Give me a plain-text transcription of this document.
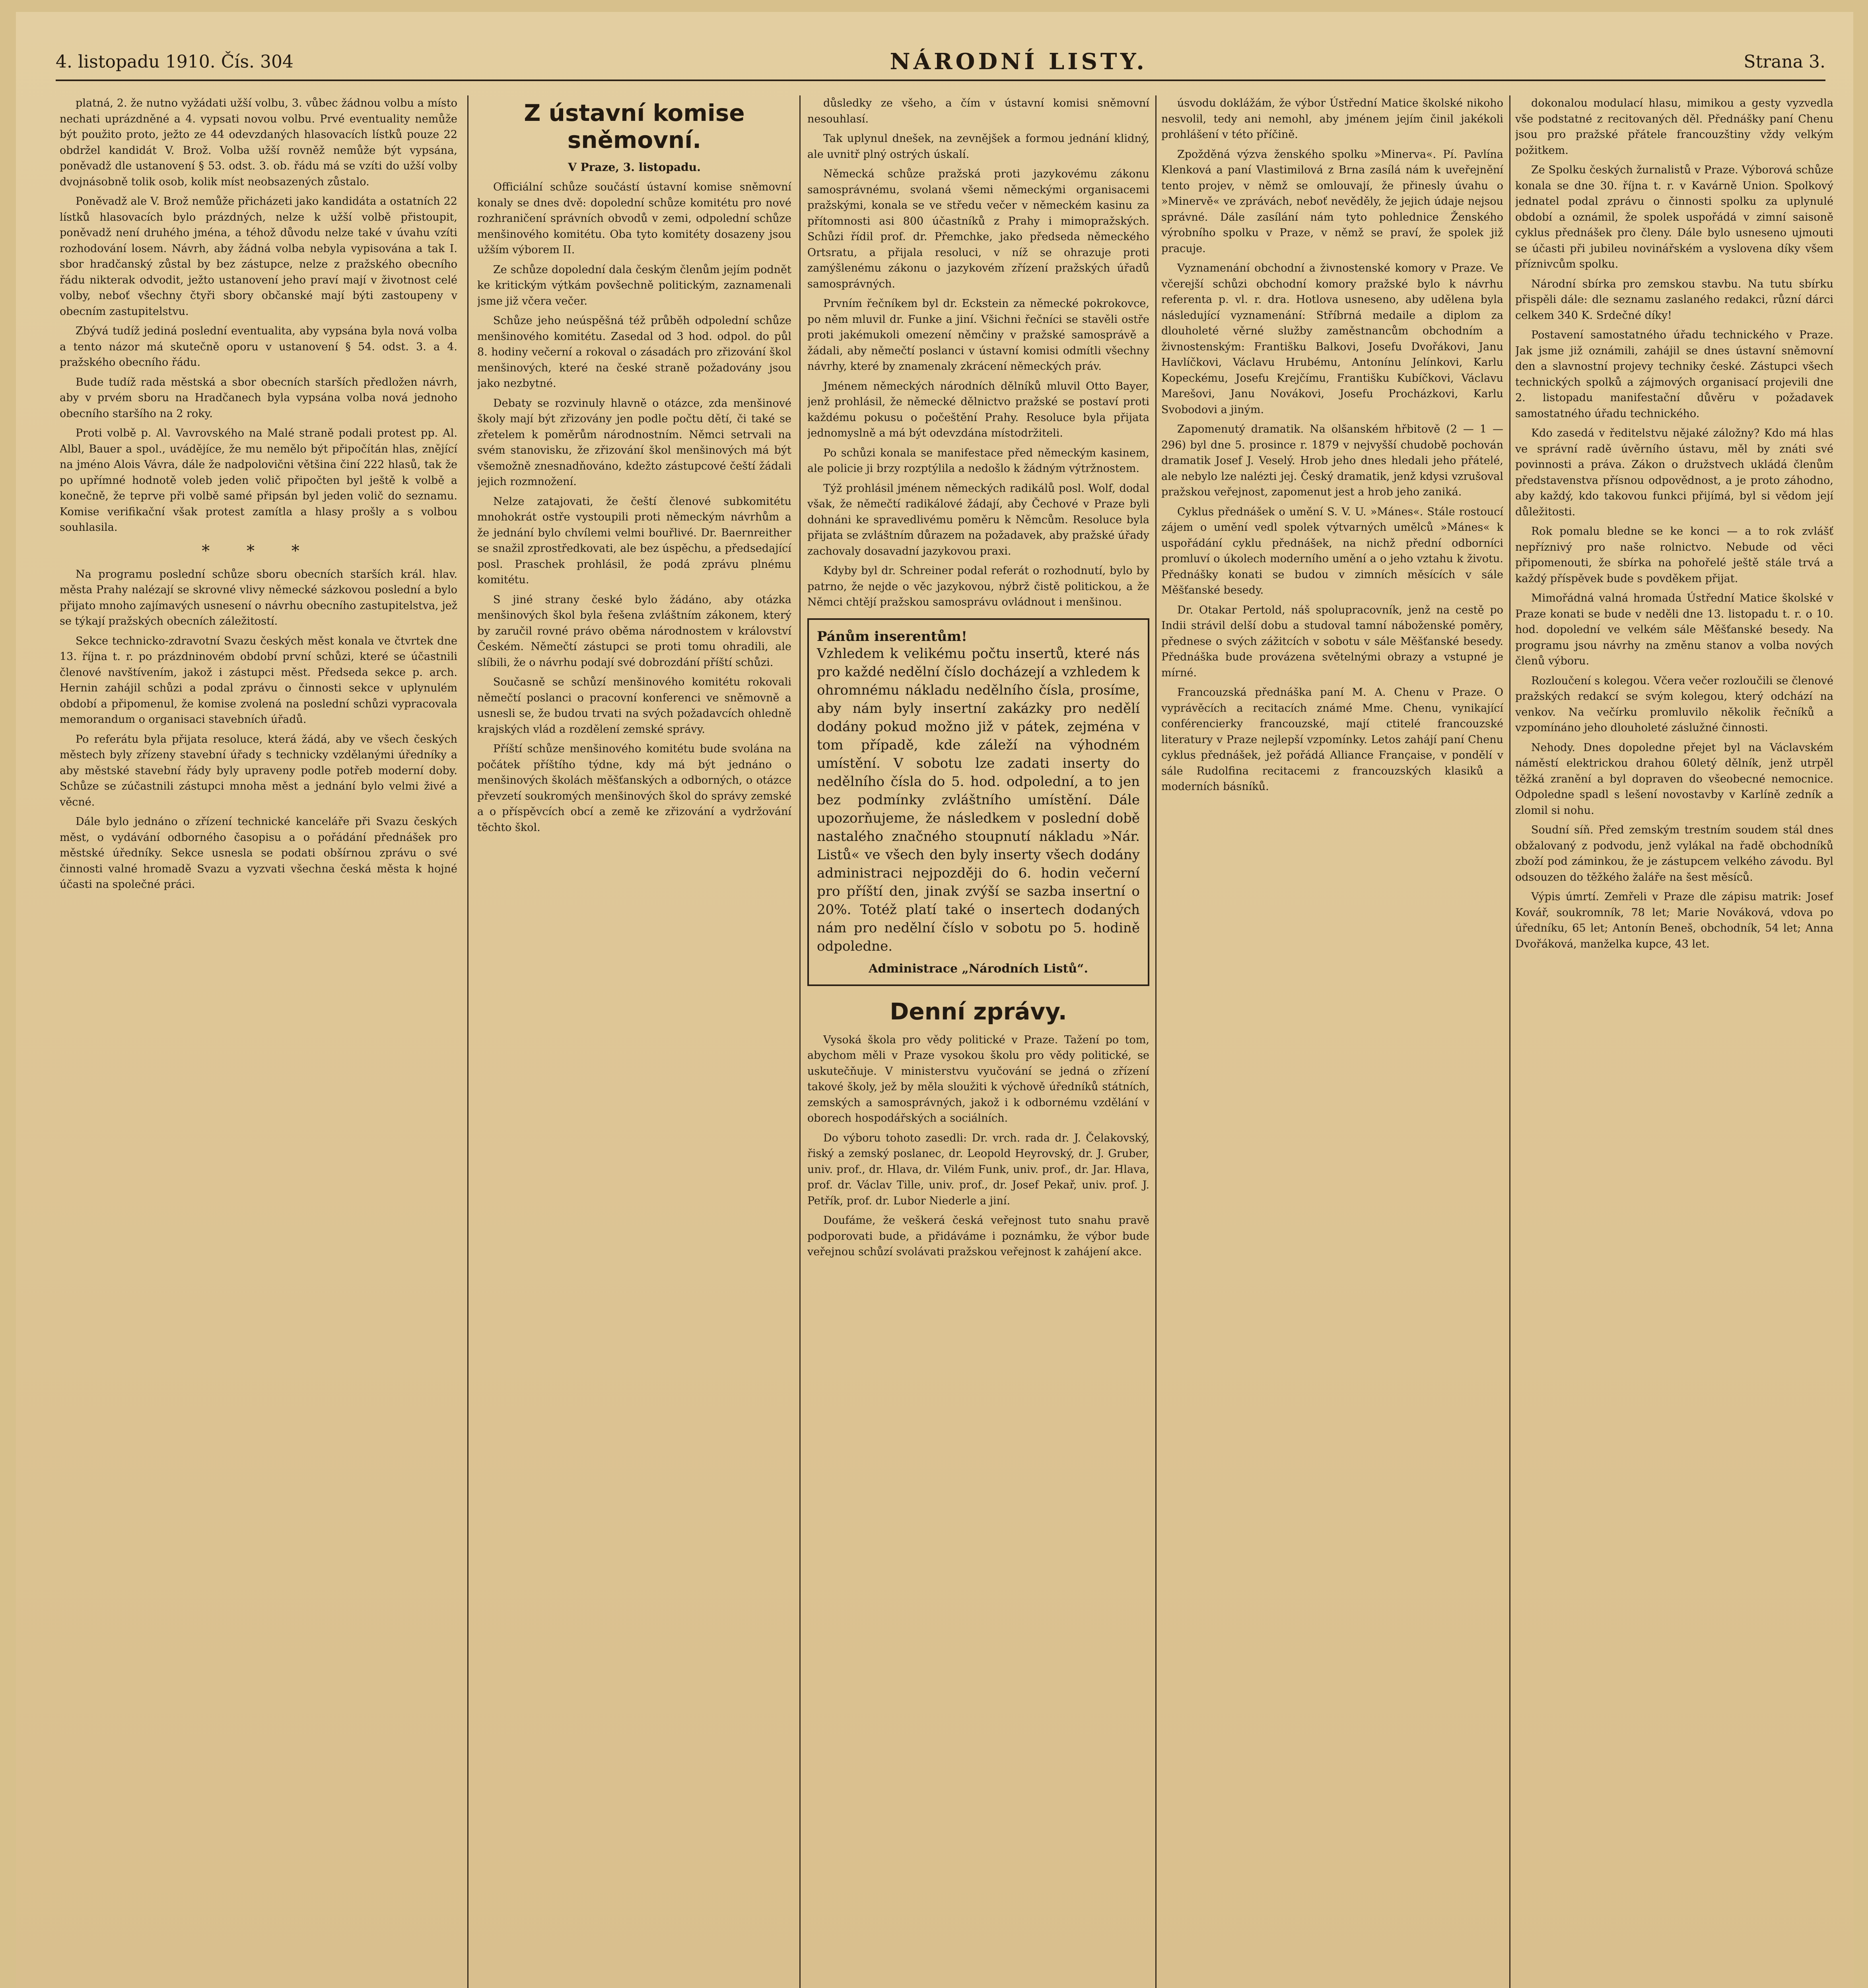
4. listopadu 1910. Čís. 304	NÁRODNÍ LISTY.	Strana 3.

platná, 2. že nutno vyžádati užší volbu, 3. vůbec žádnou volbu a místo nechati uprázdněné a 4. vypsati novou volbu. Prvé eventuality nemůže být použito proto, ježto ze 44 odevzdaných hlasovacích lístků pouze 22 obdržel kandidát V. Brož. Volba užší rovněž nemůže být vypsána, poněvadž dle ustanovení § 53. odst. 3. ob. řádu má se vzíti do užší volby dvojnásobně tolik osob, kolik míst neobsazených zůstalo.

Poněvadž ale V. Brož nemůže přicházeti jako kandidáta a ostatních 22 lístků hlasovacích bylo prázdných, nelze k užší volbě přistoupit, poněvadž není druhého jména, a téhož důvodu nelze také v úvahu vzíti rozhodování losem. Návrh, aby žádná volba nebyla vypisována a tak I. sbor hradčanský zůstal by bez zástupce, nelze z pražského obecního řádu nikterak odvodit, ježto ustanovení jeho praví mají v životnost celé volby, neboť všechny čtyři sbory občanské mají býti zastoupeny v obecním zastupitelstvu.

Zbývá tudíž jediná poslední eventualita, aby vypsána byla nová volba a tento názor má skutečně oporu v ustanovení § 54. odst. 3. a 4. pražského obecního řádu.

Bude tudíž rada městská a sbor obecních starších předložen návrh, aby v prvém sboru na Hradčanech byla vypsána volba nová jednoho obecního staršího na 2 roky.

Proti volbě p. Al. Vavrovského na Malé straně podali protest pp. Al. Albl, Bauer a spol., uvádějíce, že mu nemělo být připočítán hlas, znějící na jméno Alois Vávra, dále že nadpolovični většina činí 222 hlasů, tak že po upřímné hodnotě voleb jeden volič připočten byl ještě k volbě a konečně, že teprve při volbě samé připsán byl jeden volič do seznamu. Komise verifikační však protest zamítla a hlasy prošly a s volbou souhlasila.

* * *

Na programu poslední schůze sboru obecních starších král. hlav. města Prahy nalézají se skrovné vlivy německé sázkovou poslední a bylo přijato mnoho zajímavých usnesení o návrhu obecního zastupitelstva, jež se týkají pražských obecních záležitostí.

Sekce technicko-zdravotní Svazu českých měst konala ve čtvrtek dne 13. října t. r. po prázdninovém období první schůzi, které se účastnili členové navštívením, jakož i zástupci měst. Předseda sekce p. arch. Hernin zahájil schůzi a podal zprávu o činnosti sekce v uplynulém období a připomenul, že komise zvolená na poslední schůzi vypracovala memorandum o organisaci stavebních úřadů.

Po referátu byla přijata resoluce, která žádá, aby ve všech českých městech byly zřízeny stavební úřady s technicky vzdělanými úředníky a aby městské stavební řády byly upraveny podle potřeb moderní doby. Schůze se zúčastnili zástupci mnoha měst a jednání bylo velmi živé a věcné.

Dále bylo jednáno o zřízení technické kanceláře při Svazu českých měst, o vydávání odborného časopisu a o pořádání přednášek pro městské úředníky. Sekce usnesla se podati obšírnou zprávu o své činnosti valné hromadě Svazu a vyzvati všechna česká města k hojné účasti na společné práci.

Z ústavní komise sněmovní.
V Praze, 3. listopadu.

Officiální schůze součástí ústavní komise sněmovní konaly se dnes dvě: dopolední schůze komitétu pro nové rozhraničení správních obvodů v zemi, odpolední schůze menšinového komitétu. Oba tyto komitéty dosazeny jsou užším výborem II.

Ze schůze dopolední dala českým členům jejím podnět ke kritickým výtkám povšechně politickým, zaznamenali jsme již včera večer.

Schůze jeho neúspěšná též průběh odpolední schůze menšinového komitétu. Zasedal od 3 hod. odpol. do půl 8. hodiny večerní a rokoval o zásadách pro zřizování škol menšinových, které na české straně požadovány jsou jako nezbytné.

Debaty se rozvinuly hlavně o otázce, zda menšinové školy mají být zřizovány jen podle počtu dětí, či také se zřetelem k poměrům národnostním. Němci setrvali na svém stanovisku, že zřizování škol menšinových má být všemožně znesnadňováno, kdežto zástupcové čeští žádali jejich rozmnožení.

Nelze zatajovati, že čeští členové subkomitétu mnohokrát ostře vystoupili proti německým návrhům a že jednání bylo chvílemi velmi bouřlivé. Dr. Baernreither se snažil zprostředkovati, ale bez úspěchu, a předsedající posl. Praschek prohlásil, že podá zprávu plnému komitétu.

S jiné strany české bylo žádáno, aby otázka menšinových škol byla řešena zvláštním zákonem, který by zaručil rovné právo oběma národnostem v království Českém. Němečtí zástupci se proti tomu ohradili, ale slíbili, že o návrhu podají své dobrozdání příští schůzi.

Současně se schůzí menšinového komitétu rokovali němečtí poslanci o pracovní konferenci ve sněmovně a usnesli se, že budou trvati na svých požadavcích ohledně krajských vlád a rozdělení zemské správy.

Příští schůze menšinového komitétu bude svolána na počátek příštího týdne, kdy má být jednáno o menšinových školách měšťanských a odborných, o otázce převzetí soukromých menšinových škol do správy zemské a o příspěvcích obcí a země ke zřizování a vydržování těchto škol.

důsledky ze všeho, a čím v ústavní komisi sněmovní nesouhlasí.

Tak uplynul dnešek, na zevnějšek a formou jednání klidný, ale uvnitř plný ostrých úskalí.

Německá schůze pražská proti jazykovému zákonu samosprávnému, svolaná všemi německými organisacemi pražskými, konala se ve středu večer v německém kasinu za přítomnosti asi 800 účastníků z Prahy i mimopražských. Schůzi řídil prof. dr. Přemchke, jako předseda německého Ortsratu, a přijala resoluci, v níž se ohrazuje proti zamýšlenému zákonu o jazykovém zřízení pražských úřadů samosprávných.

Prvním řečníkem byl dr. Eckstein za německé pokrokovce, po něm mluvil dr. Funke a jiní. Všichni řečníci se stavěli ostře proti jakémukoli omezení němčiny v pražské samosprávě a žádali, aby němečtí poslanci v ústavní komisi odmítli všechny návrhy, které by znamenaly zkrácení německých práv.

Jménem německých národních dělníků mluvil Otto Bayer, jenž prohlásil, že německé dělnictvo pražské se postaví proti každému pokusu o počeštění Prahy. Resoluce byla přijata jednomyslně a má být odevzdána místodržiteli.

Po schůzi konala se manifestace před německým kasinem, ale policie ji brzy rozptýlila a nedošlo k žádným výtržnostem.

Týž prohlásil jménem německých radikálů posl. Wolf, dodal však, že němečtí radikálové žádají, aby Čechové v Praze byli dohnáni ke spravedlivému poměru k Němcům. Resoluce byla přijata se zvláštním důrazem na požadavek, aby pražské úřady zachovaly dosavadní jazykovou praxi.

Kdyby byl dr. Schreiner podal referát o rozhodnutí, bylo by patrno, že nejde o věc jazykovou, nýbrž čistě politickou, a že Němci chtějí pražskou samosprávu ovládnout i menšinou.

Pánům inserentům!
Vzhledem k velikému počtu insertů, které nás pro každé nedělní číslo docházejí a vzhledem k ohromnému nákladu nedělního čísla, prosíme, aby nám byly insertní zakázky pro nedělí dodány pokud možno již v pátek, zejména v tom případě, kde záleží na výhodném umístění. V sobotu lze zadati inserty do nedělního čísla do 5. hod. odpolední, a to jen bez podmínky zvláštního umístění. Dále upozorňujeme, že následkem v poslední době nastalého značného stoupnutí nákladu »Nár. Listů« ve všech den byly inserty všech dodány administraci nejpozději do 6. hodin večerní pro příští den, jinak zvýší se sazba insertní o 20%. Totéž platí také o insertech dodaných nám pro nedělní číslo v sobotu po 5. hodině odpoledne.
Administrace „Národních Listů“.
Denní zprávy.

Vysoká škola pro vědy politické v Praze. Tažení po tom, abychom měli v Praze vysokou školu pro vědy politické, se uskutečňuje. V ministerstvu vyučování se jedná o zřízení takové školy, jež by měla sloužiti k výchově úředníků státních, zemských a samosprávných, jakož i k odbornému vzdělání v oborech hospodářských a sociálních.

Do výboru tohoto zasedli: Dr. vrch. rada dr. J. Čelakovský, řiský a zemský poslanec, dr. Leopold Heyrovský, dr. J. Gruber, univ. prof., dr. Hlava, dr. Vilém Funk, univ. prof., dr. Jar. Hlava, prof. dr. Václav Tille, univ. prof., dr. Josef Pekař, univ. prof. J. Petřík, prof. dr. Lubor Niederle a jiní.

Doufáme, že veškerá česká veřejnost tuto snahu pravě podporovati bude, a přidáváme i poznámku, že výbor bude veřejnou schůzí svolávati pražskou veřejnost k zahájení akce.

úsvodu doklážám, že výbor Ústřední Matice školské nikoho nesvolil, tedy ani nemohl, aby jménem jejím činil jakékoli prohlášení v této příčině.

Zpožděná výzva ženského spolku »Minerva«. Pí. Pavlína Klenková a paní Vlastimilová z Brna zasílá nám k uveřejnění tento projev, v němž se omlouvají, že přinesly úvahu o »Minervě« ve zprávách, neboť nevěděly, že jejich údaje nejsou správné. Dále zasílání nám tyto pohlednice Ženského výrobního spolku v Praze, v němž se praví, že spolek již pracuje.

Vyznamenání obchodní a živnostenské komory v Praze. Ve včerejší schůzi obchodní komory pražské bylo k návrhu referenta p. vl. r. dra. Hotlova usneseno, aby udělena byla následující vyznamenání: Stříbrná medaile a diplom za dlouholeté věrné služby zaměstnancům obchodním a živnostenským: Františku Balkovi, Josefu Dvořákovi, Janu Havlíčkovi, Václavu Hrubému, Antonínu Jelínkovi, Karlu Kopeckému, Josefu Krejčímu, Františku Kubíčkovi, Václavu Marešovi, Janu Novákovi, Josefu Procházkovi, Karlu Svobodovi a jiným.

Zapomenutý dramatik. Na olšanském hřbitově (2 — 1 — 296) byl dne 5. prosince r. 1879 v nejvyšší chudobě pochován dramatik Josef J. Veselý. Hrob jeho dnes hledali jeho přátelé, ale nebylo lze nalézti jej. Český dramatik, jenž kdysi vzrušoval pražskou veřejnost, zapomenut jest a hrob jeho zaniká.

Cyklus přednášek o umění S. V. U. »Mánes«. Stále rostoucí zájem o umění vedl spolek výtvarných umělců »Mánes« k uspořádání cyklu přednášek, na nichž přední odborníci promluví o úkolech moderního umění a o jeho vztahu k životu. Přednášky konati se budou v zimních měsících v sále Měšťanské besedy.

Dr. Otakar Pertold, náš spolupracovník, jenž na cestě po Indii strávil delší dobu a studoval tamní náboženské poměry, přednese o svých zážitcích v sobotu v sále Měšťanské besedy. Přednáška bude provázena světelnými obrazy a vstupné je mírné.

Francouzská přednáška paní M. A. Chenu v Praze. O vyprávěcích a recitacích známé Mme. Chenu, vynikající conférencierky francouzské, mají ctitelé francouzské literatury v Praze nejlepší vzpomínky. Letos zahájí paní Chenu cyklus přednášek, jež pořádá Alliance Française, v pondělí v sále Rudolfina recitacemi z francouzských klasiků a moderních básníků.

dokonalou modulací hlasu, mimikou a gesty vyzvedla vše podstatné z recitovaných děl. Přednášky paní Chenu jsou pro pražské přátele francouzštiny vždy velkým požitkem.

Ze Spolku českých žurnalistů v Praze. Výborová schůze konala se dne 30. října t. r. v Kavárně Union. Spolkový jednatel podal zprávu o činnosti spolku za uplynulé období a oznámil, že spolek uspořádá v zimní saisoně cyklus přednášek pro členy. Dále bylo usneseno ujmouti se účasti při jubileu novinářském a vyslovena díky všem příznivcům spolku.

Národní sbírka pro zemskou stavbu. Na tutu sbírku přispěli dále: dle seznamu zaslaného redakci, různí dárci celkem 340 K. Srdečné díky!

Postavení samostatného úřadu technického v Praze. Jak jsme již oznámili, zahájil se dnes ústavní sněmovní den a slavnostní projevy techniky české. Zástupci všech technických spolků a zájmových organisací projevili dne 2. listopadu manifestační důvěru v požadavek samostatného úřadu technického.

Kdo zasedá v ředitelstvu nějaké záložny? Kdo má hlas ve správní radě úvěrního ústavu, měl by znáti své povinnosti a práva. Zákon o družstvech ukládá členům představenstva přísnou odpovědnost, a je proto záhodno, aby každý, kdo takovou funkci přijímá, byl si vědom její důležitosti.

Rok pomalu bledne se ke konci — a to rok zvlášť nepříznivý pro naše rolnictvo. Nebude od věci připomenouti, že sbírka na pohořelé ještě stále trvá a každý příspěvek bude s povděkem přijat.

Mimořádná valná hromada Ústřední Matice školské v Praze konati se bude v neděli dne 13. listopadu t. r. o 10. hod. dopolední ve velkém sále Měšťanské besedy. Na programu jsou návrhy na změnu stanov a volba nových členů výboru.

Rozloučení s kolegou. Včera večer rozloučili se členové pražských redakcí se svým kolegou, který odchází na venkov. Na večírku promluvilo několik řečníků a vzpomínáno jeho dlouholeté záslužné činnosti.

Nehody. Dnes dopoledne přejet byl na Václavském náměstí elektrickou drahou 60letý dělník, jenž utrpěl těžká zranění a byl dopraven do všeobecné nemocnice. Odpoledne spadl s lešení novostavby v Karlíně zedník a zlomil si nohu.

Soudní síň. Před zemským trestním soudem stál dnes obžalovaný z podvodu, jenž vylákal na řadě obchodníků zboží pod záminkou, že je zástupcem velkého závodu. Byl odsouzen do těžkého žaláře na šest měsíců.

Výpis úmrtí. Zemřeli v Praze dle zápisu matrik: Josef Kovář, soukromník, 78 let; Marie Nováková, vdova po úředníku, 65 let; Antonín Beneš, obchodník, 54 let; Anna Dvořáková, manželka kupce, 43 let.
